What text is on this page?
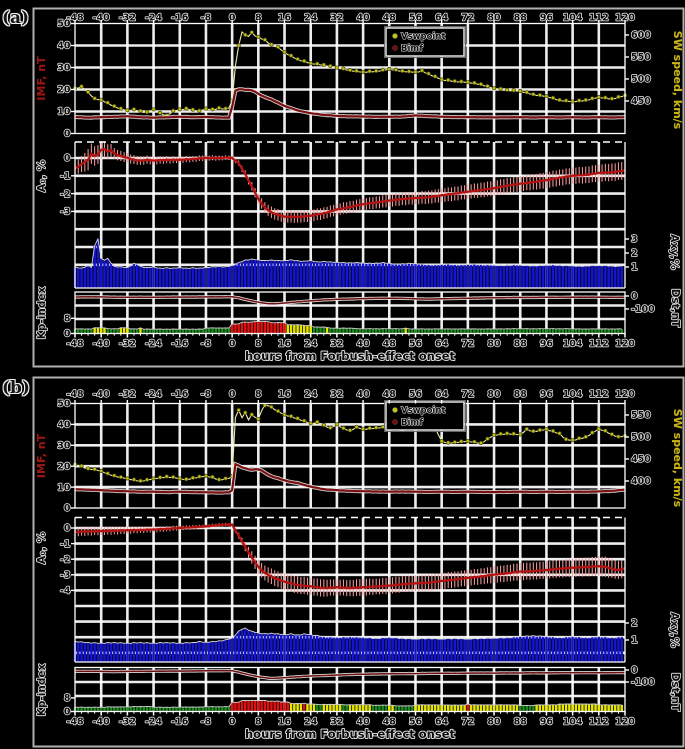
Vswpoint
Bimf
-48
-48
-40
-40
-32
-32
-24
-24
-16
-16
-8
-8
0
0
8
8
16
16
24
24
32
32
40
40
48
48
56
56
64
64
72
72
80
80
88
88
96
96
104
104
112
112
120
120
hours from Forbush-effect onset
50
40
30
20
10
0
600
550
500
450
0
-1
-2
-3
3
2
1
8
0
0
-100
IMF, nT
A₀, %
Kp-index
SW speed, km/s
Axy,%
Dst,nT
Vswpoint
Bimf
-48
-48
-40
-40
-32
-32
-24
-24
-16
-16
-8
-8
0
0
8
8
16
16
24
24
32
32
40
40
48
48
56
56
64
64
72
72
80
80
88
88
96
96
104
104
112
112
120
120
hours from Forbush-effect onset
50
40
30
20
10
0
550
500
450
400
0
-1
-2
-3
-4
2
1
8
0
0
-100
IMF, nT
A₀, %
Kp-index
SW speed, km/s
Axy,%
Dst,nT
(a)
(b)
